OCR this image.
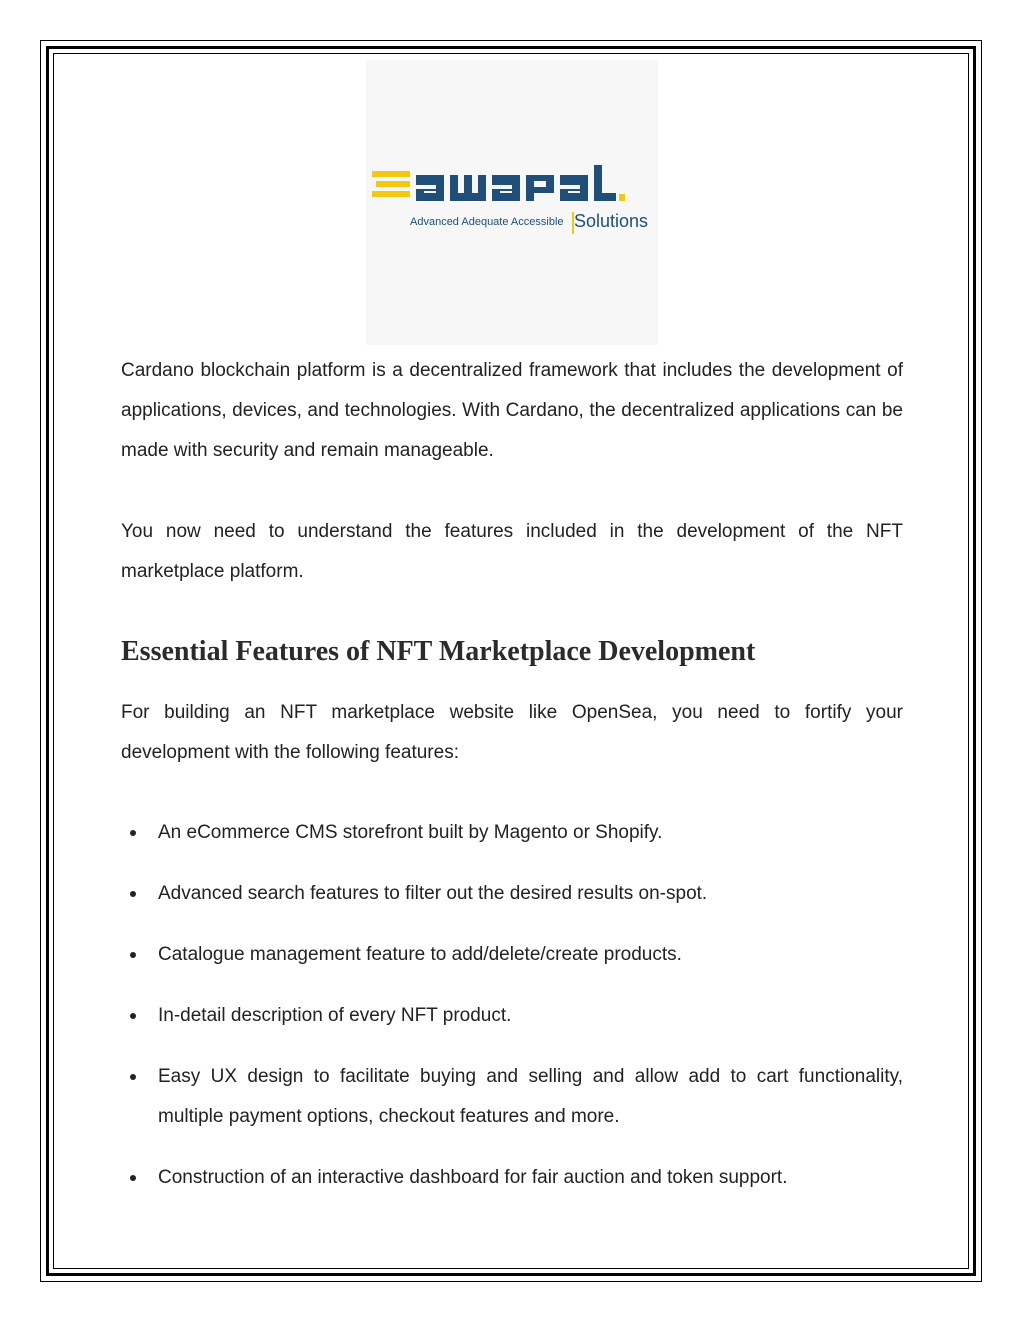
Advanced Adequate Accessible Solutions
Cardano blockchain platform is a decentralized framework that includes the development of applications, devices, and technologies. With Cardano, the decentralized applications can be made with security and remain manageable.
You now need to understand the features included in the development of the NFT marketplace platform.
Essential Features of NFT Marketplace Development
For building an NFT marketplace website like OpenSea, you need to fortify your development with the following features:
An eCommerce CMS storefront built by Magento or Shopify.
Advanced search features to filter out the desired results on-spot.
Catalogue management feature to add/delete/create products.
In-detail description of every NFT product.
Easy UX design to facilitate buying and selling and allow add to cart functionality, multiple payment options, checkout features and more.
Construction of an interactive dashboard for fair auction and token support.
